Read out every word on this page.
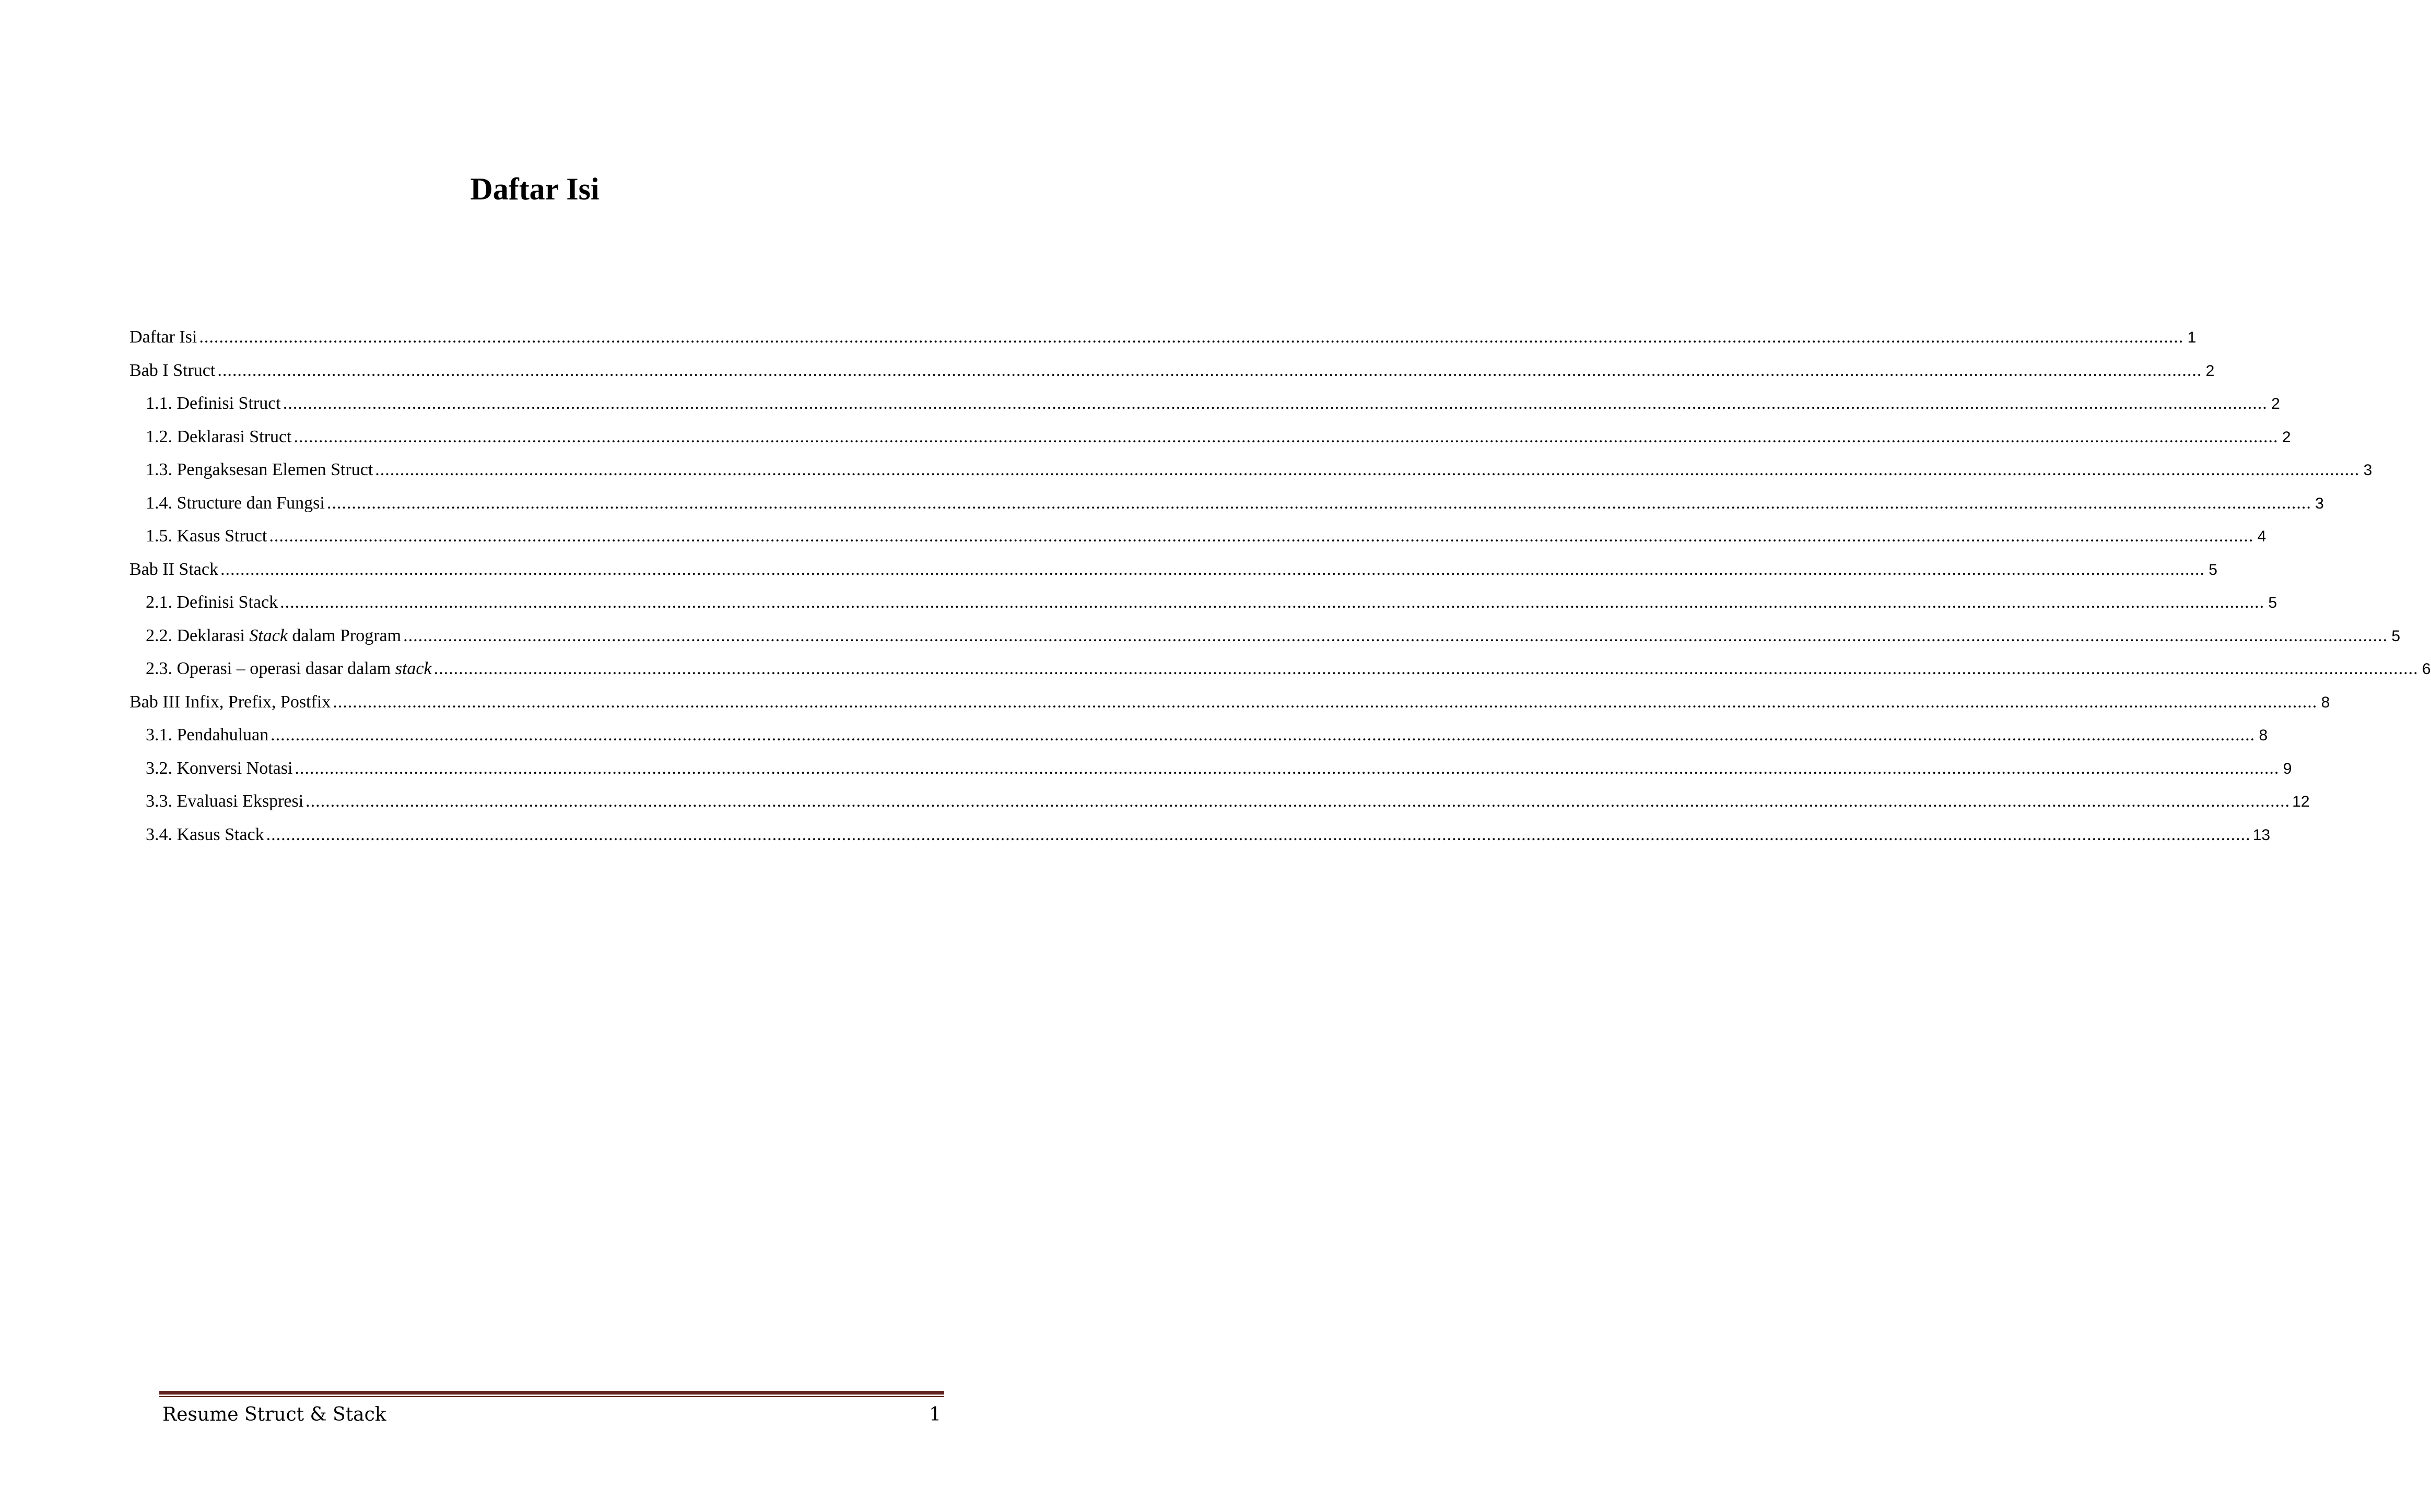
Daftar Isi
Daftar Isi ................................................................................................................................................................................................................................................................................................................................................................................................................ 1
Bab I Struct ................................................................................................................................................................................................................................................................................................................................................................................................................ 2
1.1. Definisi Struct ................................................................................................................................................................................................................................................................................................................................................................................................................ 2
1.2. Deklarasi Struct ................................................................................................................................................................................................................................................................................................................................................................................................................ 2
1.3. Pengaksesan Elemen Struct ................................................................................................................................................................................................................................................................................................................................................................................................................ 3
1.4. Structure dan Fungsi ................................................................................................................................................................................................................................................................................................................................................................................................................ 3
1.5. Kasus Struct ................................................................................................................................................................................................................................................................................................................................................................................................................ 4
Bab II Stack ................................................................................................................................................................................................................................................................................................................................................................................................................ 5
2.1. Definisi Stack ................................................................................................................................................................................................................................................................................................................................................................................................................ 5
2.2. Deklarasi Stack dalam Program ................................................................................................................................................................................................................................................................................................................................................................................................................ 5
2.3. Operasi – operasi dasar dalam stack ................................................................................................................................................................................................................................................................................................................................................................................................................ 6
Bab III Infix, Prefix, Postfix ................................................................................................................................................................................................................................................................................................................................................................................................................ 8
3.1. Pendahuluan ................................................................................................................................................................................................................................................................................................................................................................................................................ 8
3.2. Konversi Notasi ................................................................................................................................................................................................................................................................................................................................................................................................................ 9
3.3. Evaluasi Ekspresi ................................................................................................................................................................................................................................................................................................................................................................................................................ 12
3.4. Kasus Stack ................................................................................................................................................................................................................................................................................................................................................................................................................ 13
Resume Struct & Stack	1
